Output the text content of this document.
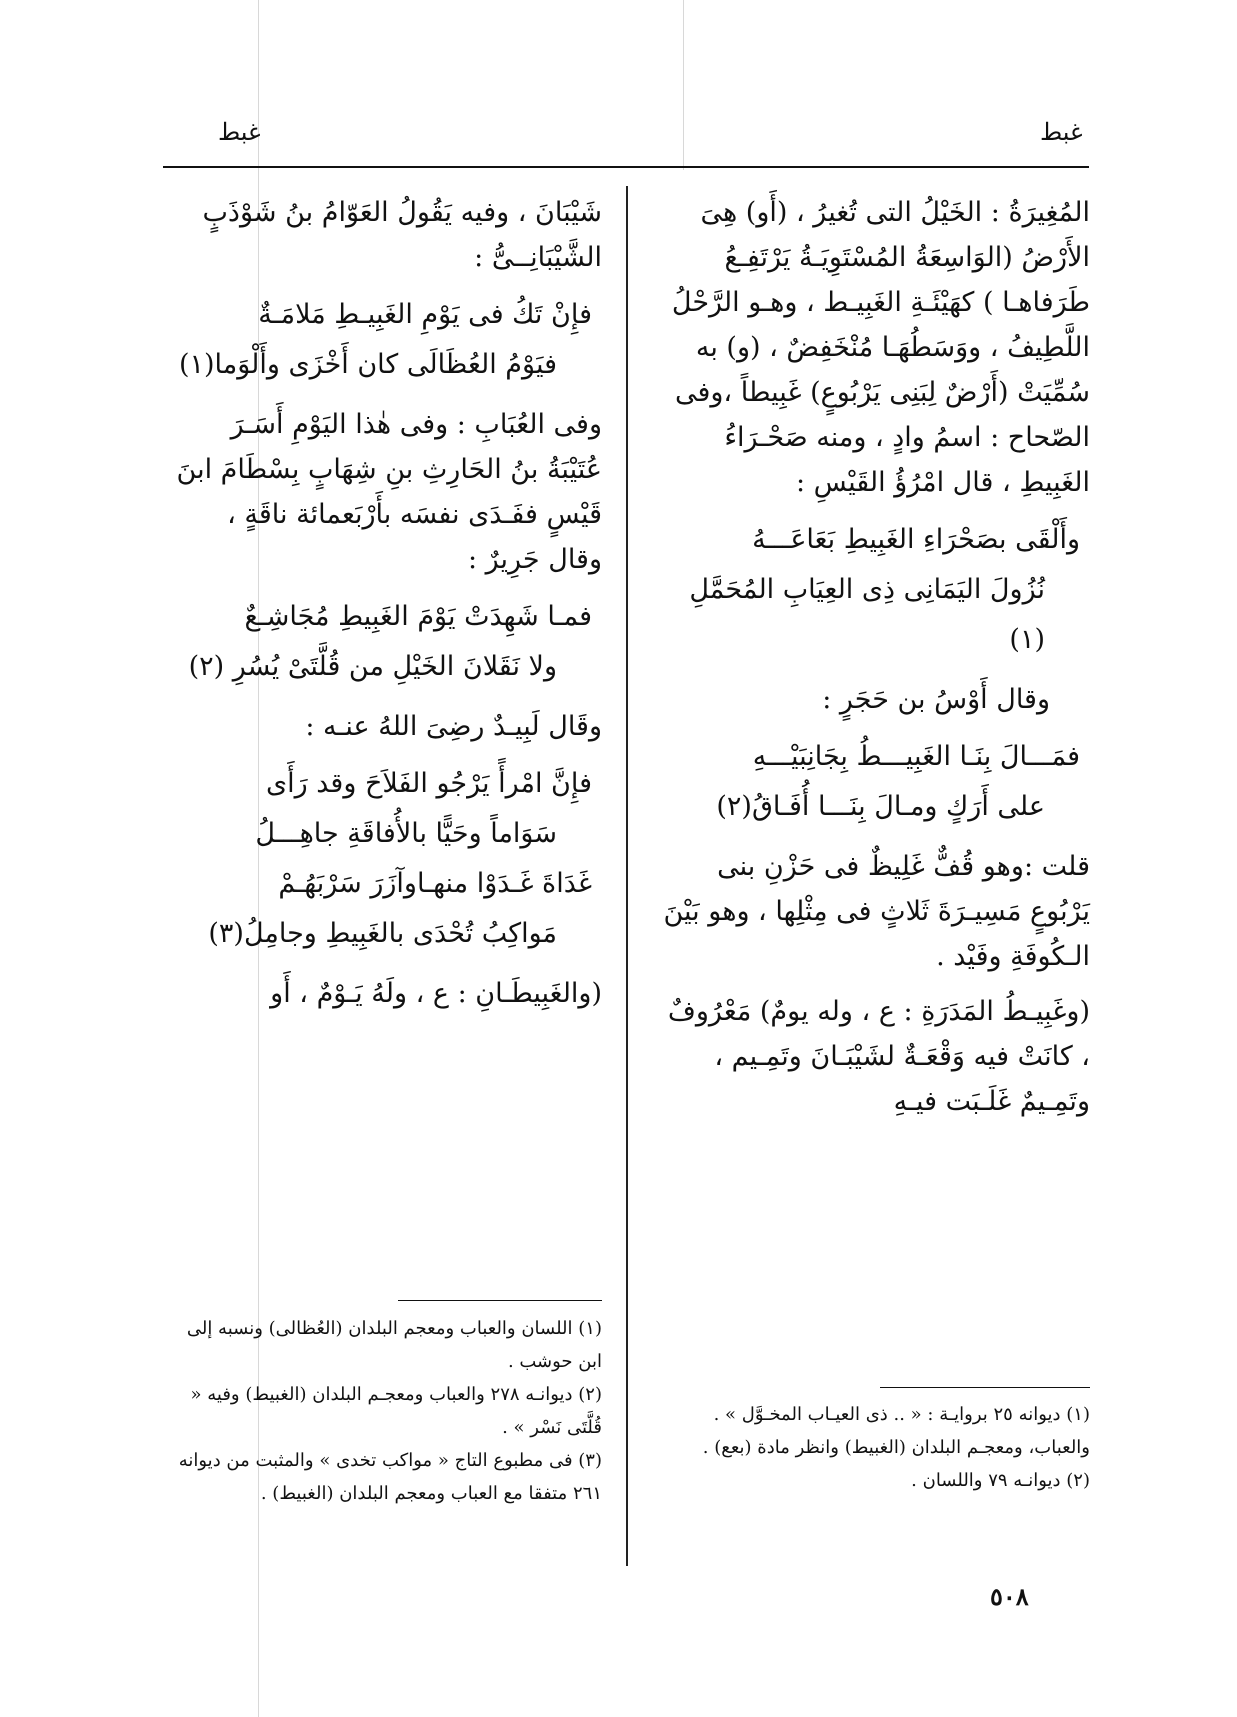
غبط	غبط

المُغِيرَةُ : الخَيْلُ التى تُغيرُ ، (أَو) هِىَ الأَرْضُ (الوَاسِعَةُ المُسْتَوِيَـةُ يَرْتَفِـعُ طَرَفاهـا ) كهَيْئَـةِ الغَبِيـط ، وهـو الرَّحْلُ اللَّطِيفُ ، ووَسَطُهَـا مُنْخَفِضٌ ، (و) به سُمِّيَتْ (أَرْضٌ لِبَنِى يَرْبُوعٍ) غَبِيطاً ،وفى الصّحاح : اسمُ وادٍ ، ومنه صَحْـرَاءُ الغَبِيطِ ، قال امْرُؤُ القَيْسِ :

وأَلْقَى بصَحْرَاءِ الغَبِيطِ بَعَاعَـــهُ
نُزُولَ اليَمَانِى ذِى العِيَابِ المُحَمَّلِ (١)

وقال أَوْسُ بن حَجَرٍ :

فمَـــالَ بِنَـا الغَبِيـــطُ بِجَانِبَيْـــهِ
على أَرَكٍ ومـالَ بِنَـــا أُفَـاقُ(٢)

قلت :وهو قُفٌّ غَلِيظٌ فى حَزْنِ بنى يَرْبُوعٍ مَسِيـرَةَ ثَلاثٍ فى مِثْلِها ، وهو بَيْنَ الـكُوفَةِ وفَيْد .

(وغَبِيـطُ المَدَرَةِ : ع ، وله يومٌ) مَعْرُوفٌ ، كانَتْ فيه وَقْعَـةٌ لشَيْبَـانَ وتَمِـيم ، وتَمِـيمٌ غَلَـبَت فيـهِ

شَيْبَانَ ، وفيه يَقُولُ العَوّامُ بنُ شَوْذَبٍ الشَّيْبَانِــىُّ :

فإِنْ تَكُ فى يَوْمِ الغَبِيـطِ مَلامَـةٌ
فيَوْمُ العُظَالَى كان أَخْزَى وأَلْوَما(١)

وفى العُبَابِ : وفى هٰذا اليَوْمِ أَسَـرَ عُتَيْبَةُ بنُ الحَارِثِ بنِ شِهَابٍ بِسْطَامَ ابنَ قَيْسٍ ففَـدَى نفسَه بأَرْبَعمائة ناقَةٍ ، وقال جَرِيرٌ :

فمـا شَهِدَتْ يَوْمَ الغَبِيطِ مُجَاشِـعٌ
ولا نَقَلانَ الخَيْلِ من قُلَّتَىْ يُسُرِ (٢)

وقَال لَبِيـدٌ رضِىَ اللهُ عنـه :

فإِنَّ امْرأً يَرْجُو الفَلاَحَ وقد رَأَى
سَوَاماً وحَيًّا بالأُفاقَةِ جاهِـــلُ
غَدَاةَ غَـدَوْا منهـاوآزَرَ سَرْبَهُـمْ
مَواكِبُ تُحْدَى بالغَبِيطِ وجامِلُ(٣)

(والغَبِيطَـانِ : ع ، ولَهُ يَـوْمٌ ، أَو

(١) ديوانه ٢٥ بروايـة : « .. ذى العيـاب المخـوَّل » . والعباب، ومعجـم البلدان (الغبيط) وانظر مادة (بعع) .
(٢) ديوانـه ٧٩ واللسان .
(١) اللسان والعباب ومعجم البلدان (العُظالى) ونسبه إلى ابن حوشب .
(٢) ديوانـه ٢٧٨ والعباب ومعجـم البلدان (الغبيط) وفيه « قُلَّتَى نَسْر » .
(٣) فى مطبوع التاج « مواكب تخدى » والمثبت من ديوانه ٢٦١ متفقا مع العباب ومعجم البلدان (الغبيط) .
٥٠٨
